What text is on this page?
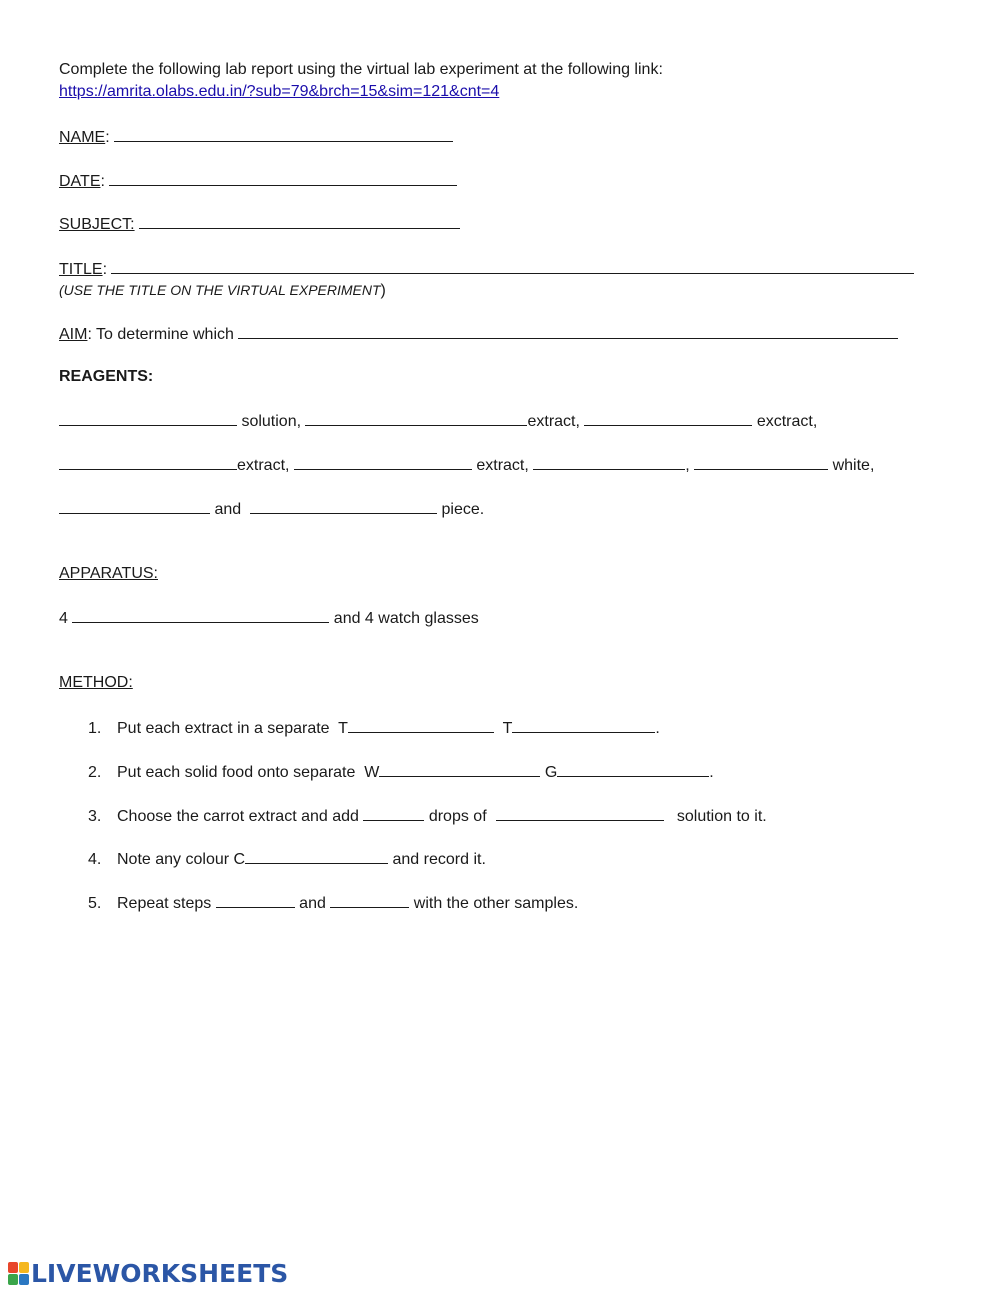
Complete the following lab report using the virtual lab experiment at the following link:
https://amrita.olabs.edu.in/?sub=79&brch=15&sim=121&cnt=4
NAME:
DATE:
SUBJECT:
TITLE:
(USE THE TITLE ON THE VIRTUAL EXPERIMENT)
AIM: To determine which
REAGENTS:
solution,	extract,	exctract,
extract,	extract,	,	white,
and	piece.
APPARATUS:
4	and 4 watch glasses
METHOD:
1. Put each extract in a separate  T	T	.
2. Put each solid food onto separate  W	G	.
3. Choose the carrot extract and add	drops of	solution to it.
4. Note any colour C	and record it.
5. Repeat steps	and	with the other samples.
LIVEWORKSHEETS
